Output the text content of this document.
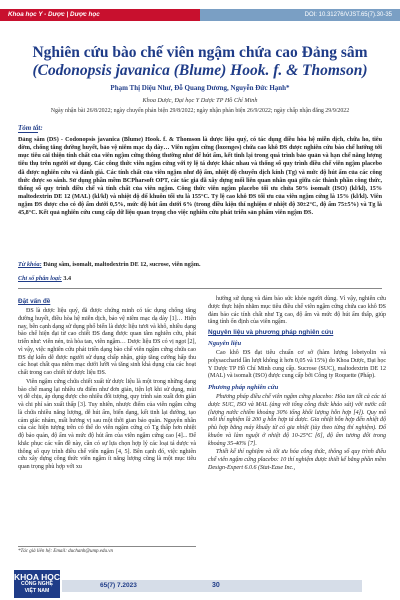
Khoa học Y - Dược | Dược học	DOI: 10.31276/VJST.65(7).30-35
Nghiên cứu bào chế viên ngậm chứa cao Đảng sâm
(Codonopsis javanica (Blume) Hook. f. & Thomson)
Phạm Thị Diệu Như, Đỗ Quang Dương, Nguyễn Đức Hạnh*
Khoa Dược, Đại học Y Dược TP Hồ Chí Minh
Ngày nhận bài 26/8/2022; ngày chuyển phản biện 29/8/2022; ngày nhận phản biện 26/9/2022; ngày chấp nhận đăng 29/9/2022
Tóm tắt:
Đảng sâm (DS) - Codonopsis javanica (Blume) Hook. f. & Thomson là dược liệu quý, có tác dụng điều hòa hệ miễn dịch, chữa ho, tiêu đờm, chống tăng đường huyết, bảo vệ niêm mạc dạ dày… Viên ngậm cứng (lozenges) chứa cao khô ĐS được nghiên cứu bào chế hướng tới mục tiêu cải thiện tính chất của viên ngậm cứng thông thường như để hút ẩm, kết tinh lại trong quá trình bảo quản và hạn chế năng lượng tiêu thụ trên người sử dụng. Các công thức viên ngậm cứng với tỷ lệ tá dược khác nhau và thống số quy trình điều chế viên ngậm placebo đã được nghiên cứu và đánh giá. Các tính chất của viên ngậm như độ ẩm, nhiệt độ chuyển dịch kính (Tg) và mức độ hút ẩm của các công thức được so sánh. Sử dụng phần mềm BCPharsoft OPT, các tác giả đã xây dựng mối liên quan nhân quả giữa các thành phần công thức, thống số quy trình điều chế và tính chất của viên ngậm. Công thức viên ngậm placebo tối ưu chứa 50% isomalt (ISO) (kl/kl), 15% maltodextrin DE 12 (MAL) (kl/kl) và nhiệt độ đổ khuôn tối ưu là 155°C. Tỷ lệ cao khô ĐS tối ưu của viên ngậm cứng là 15% (kl/kl). Viên ngậm ĐS được cho có độ ẩm dưới 0,5%, mức độ hút ẩm dưới 6% (trong điều kiện thí nghiệm ở nhiệt độ 30±2°C, độ ẩm 75±5%) và Tg là 45,8°C. Kết quả nghiên cứu cung cấp dữ liệu quan trọng cho việc nghiên cứu phát triển sản phẩm viên ngậm ĐS.
Từ khóa: Đảng sâm, isomalt, maltodextrin DE 12, sucrose, viên ngậm.
Chỉ số phân loại: 3.4
Đặt vấn đề

ĐS là dược liệu quý, đã được chứng minh có tác dụng chống tăng đường huyết, điều hòa hệ miễn dịch, bảo vệ niêm mạc dạ dày [1]… Hiện nay, bên cạnh dạng sử dụng phổ biến là dược liệu tươi và khô, nhiều dạng bào chế hiện đại từ cao chiết ĐS đang được quan tâm nghiên cứu, phát triển như: viên nén, trà hòa tan, viên ngậm… Dược liệu ĐS có vị ngọt [2], vì vậy, việc nghiên cứu phát triển dạng bào chế viên ngậm cứng chứa cao ĐS dự kiến dễ được người sử dụng chấp nhận, giúp tăng cường hấp thu các hoạt chất qua niêm mạc dưới lưỡi và tăng sinh khả dụng của các hoạt chất trong cao chiết từ dược liệu ĐS.

Viên ngậm cứng chứa chiết xuất từ dược liệu là một trong những dạng bào chế mang lại nhiều ưu điểm như đơn giản, tiện lợi khi sử dụng, mùi vị dễ chịu, áp dụng được cho nhiều đối tượng, quy trình sản xuất đơn giản và chi phí sản xuất thấp [3]. Tuy nhiên, nhược điểm của viên ngậm cứng là chứa nhiều năng lượng, dễ hút ẩm, biến dạng, kết tinh lại đường, tạo cảm giác nhám, mất hương vị sau một thời gian bảo quản. Nguyên nhân của các hiện tượng trên có thể do viên ngậm cứng có Tg thấp hơn nhiệt độ bảo quản, độ ẩm và mức độ hút ẩm của viên ngậm cứng cao [4]... Để khắc phục các vấn đề này, cần có sự lựa chọn hợp lý các loại tá dược và thông số quy trình điều chế viên ngậm [4, 5]. Bên cạnh đó, việc nghiên cứu xây dựng công thức viên ngậm ít năng lượng cũng là một mục tiêu quan trọng phù hợp với xu

hướng sử dụng và đảm bảo sức khỏe người dùng. Vì vậy, nghiên cứu được thực hiện nhằm mục tiêu điều chế viên ngậm cứng chứa cao khô ĐS đảm bảo các tính chất như Tg cao, độ ẩm và mức độ hút ẩm thấp, giúp tăng tính ổn định của viên ngậm.

Nguyên liệu và phương pháp nghiên cứu
Nguyên liệu

Cao khô ĐS đạt tiêu chuẩn cơ sở (hàm lượng lobetyolin và polysaccharid lần lượt không ít hơn 0,05 và 15%) do Khoa Dược, Đại học Y Dược TP Hồ Chí Minh cung cấp. Sucrose (SUC), maltodextrin DE 12 (MAL) và isomalt (ISO) được cung cấp bởi Công ty Roquette (Pháp).

Phương pháp nghiên cứu

Phương pháp điều chế viên ngậm cứng placebo: Hòa tan tất cả các tá dược SUC, ISO và MAL (ảng với tổng công thức khảo sát) với nước cất (lượng nước chiếm khoảng 30% tổng khối lượng hỗn hợp [4]). Quy mô mỗi thí nghiệm là 200 g hỗn hợp tá dược. Gia nhiệt hỗn hợp đến nhiệt độ phù hợp bằng máy khuấy từ có gia nhiệt (tùy theo từng thí nghiệm). Đổ khuôn và làm nguội ở nhiệt độ 10-25°C [6], độ ẩm tương đối trong khoảng 35-40% [7].

Thiết kế thí nghiệm và tối ưu hóa công thức, thông số quy trình điều chế viên ngậm cứng placebo: 10 thí nghiệm được thiết kế bằng phần mềm Design-Expert 6.0.6 (Stat-Ease Inc.,

*Tác giả liên hệ: Email: duchanh@ump.edu.vn
KHOA HỌC
CÔNG NGHỆ
VIỆT NAM
65(7) 7.2023	30
